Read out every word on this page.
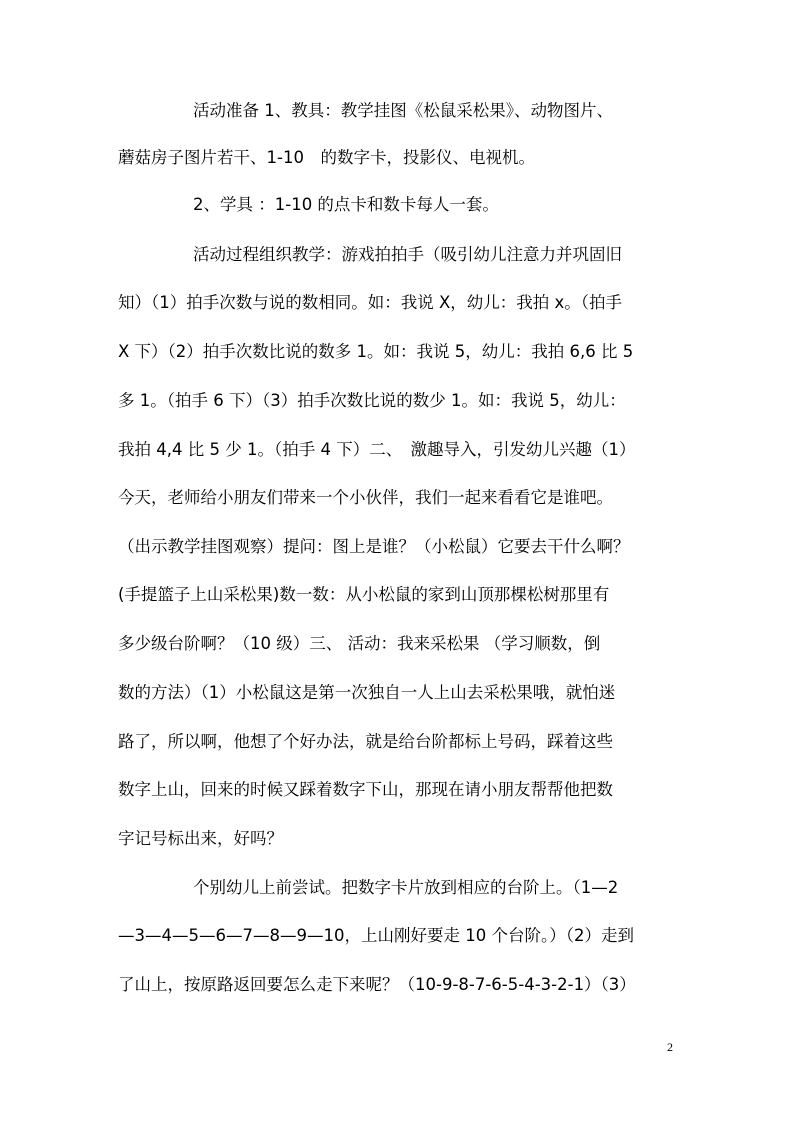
活动准备 1、教具：教学挂图《松鼠采松果》、动物图片、
蘑菇房子图片若干、1-10　的数字卡，投影仪、电视机。
2、学具 ：1-10 的点卡和数卡每人一套。
活动过程组织教学：游戏拍拍手（吸引幼儿注意力并巩固旧
知）（1）拍手次数与说的数相同。如：我说 X，幼儿：我拍 x。（拍手
X 下）（2）拍手次数比说的数多 1。如：我说 5，幼儿：我拍 6,6 比 5
多 1。（拍手 6 下）（3）拍手次数比说的数少 1。如：我说 5，幼儿：
我拍 4,4 比 5 少 1。（拍手 4 下）二、　激趣导入，引发幼儿兴趣（1）
今天，老师给小朋友们带来一个小伙伴，我们一起来看看它是谁吧。
（出示教学挂图观察）提问：图上是谁？（小松鼠）它要去干什么啊？
(手提篮子上山采松果)数一数：从小松鼠的家到山顶那棵松树那里有
多少级台阶啊？（10 级）三、 活动：我来采松果 （学习顺数，倒
数的方法）（1）小松鼠这是第一次独自一人上山去采松果哦，就怕迷
路了，所以啊，他想了个好办法，就是给台阶都标上号码，踩着这些
数字上山，回来的时候又踩着数字下山，那现在请小朋友帮帮他把数
字记号标出来，好吗？
个别幼儿上前尝试。把数字卡片放到相应的台阶上。（1—2
—3—4—5—6—7—8—9—10，上山刚好要走 10 个台阶。）（2）走到
了山上，按原路返回要怎么走下来呢？（10-9-8-7-6-5-4-3-2-1）（3）
2
